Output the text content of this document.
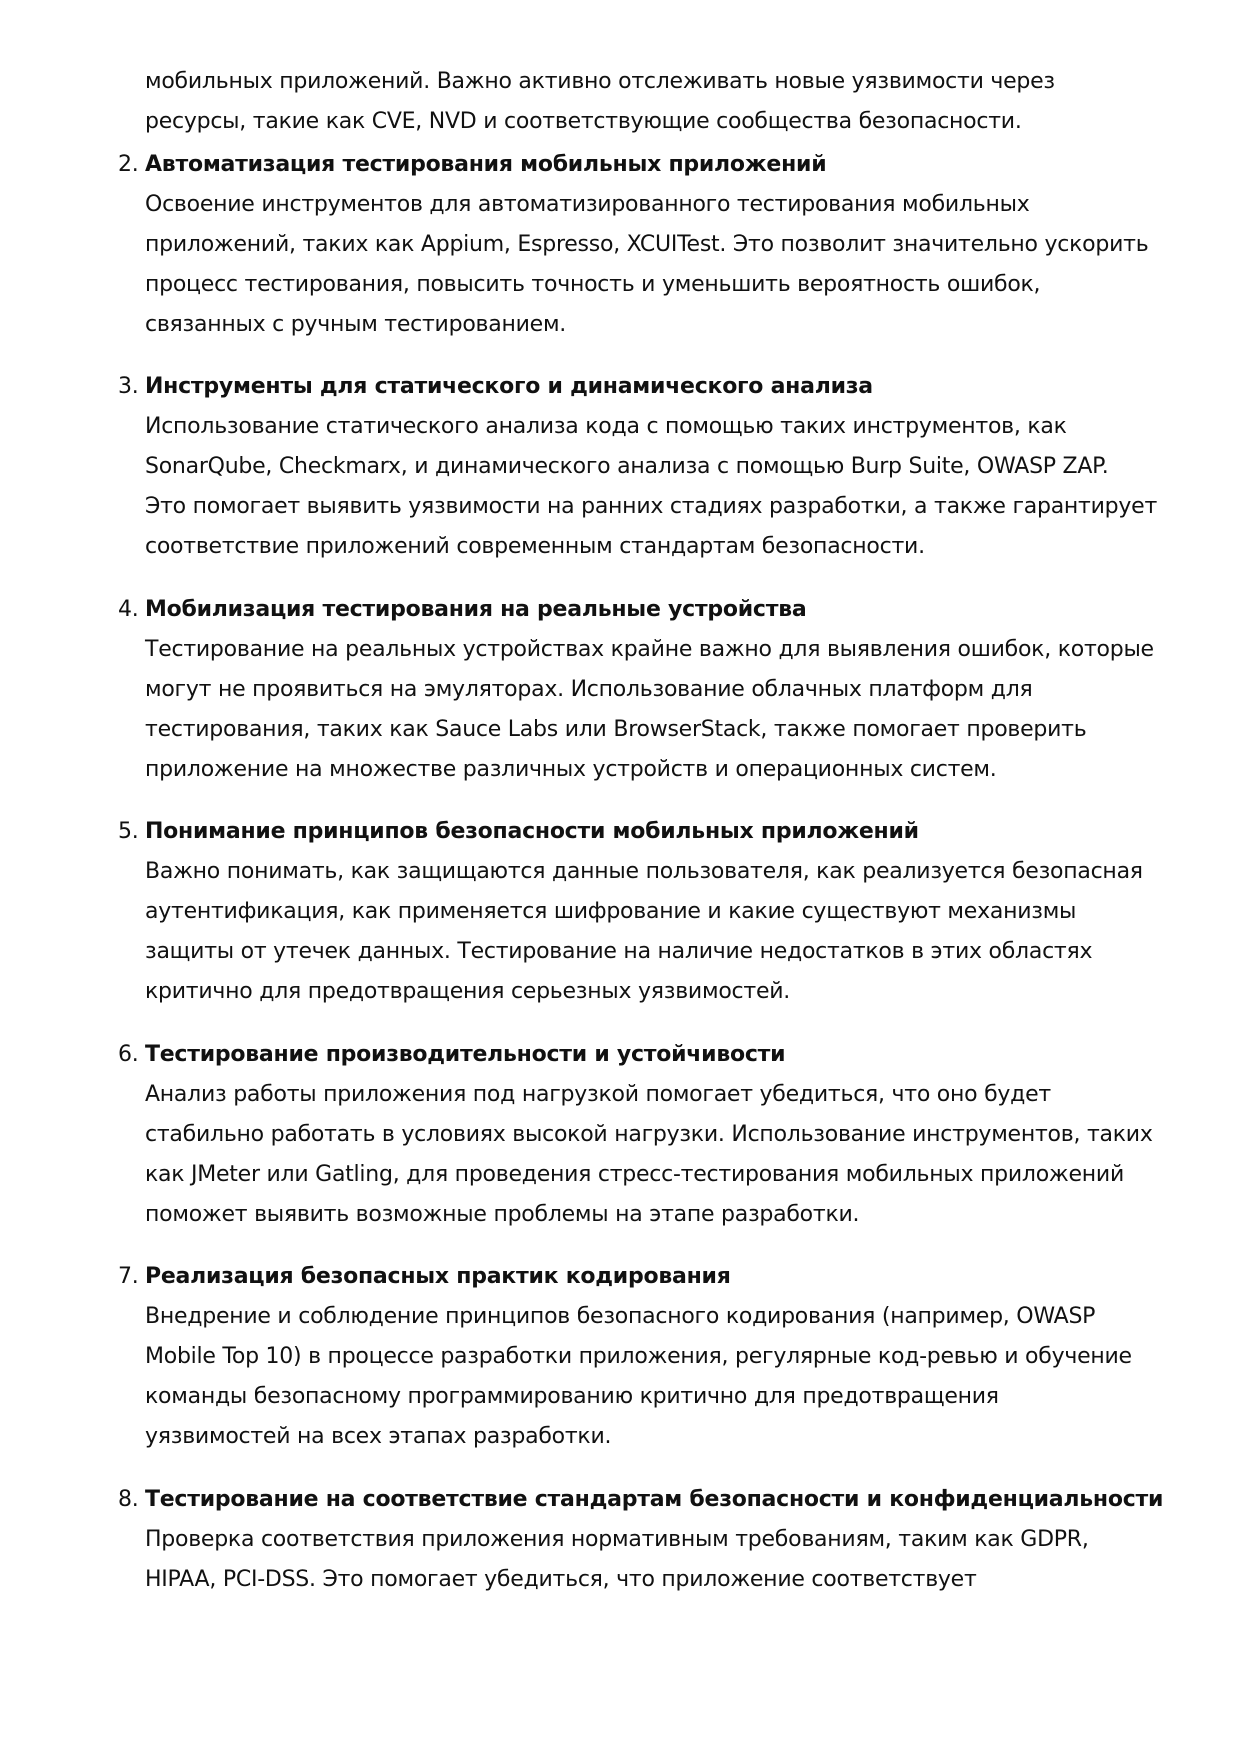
мобильных приложений. Важно активно отслеживать новые уязвимости через
ресурсы, такие как CVE, NVD и соответствующие сообщества безопасности.
2. Автоматизация тестирования мобильных приложений
Освоение инструментов для автоматизированного тестирования мобильных
приложений, таких как Appium, Espresso, XCUITest. Это позволит значительно ускорить
процесс тестирования, повысить точность и уменьшить вероятность ошибок,
связанных с ручным тестированием.
3. Инструменты для статического и динамического анализа
Использование статического анализа кода с помощью таких инструментов, как
SonarQube, Checkmarx, и динамического анализа с помощью Burp Suite, OWASP ZAP.
Это помогает выявить уязвимости на ранних стадиях разработки, а также гарантирует
соответствие приложений современным стандартам безопасности.
4. Мобилизация тестирования на реальные устройства
Тестирование на реальных устройствах крайне важно для выявления ошибок, которые
могут не проявиться на эмуляторах. Использование облачных платформ для
тестирования, таких как Sauce Labs или BrowserStack, также помогает проверить
приложение на множестве различных устройств и операционных систем.
5. Понимание принципов безопасности мобильных приложений
Важно понимать, как защищаются данные пользователя, как реализуется безопасная
аутентификация, как применяется шифрование и какие существуют механизмы
защиты от утечек данных. Тестирование на наличие недостатков в этих областях
критично для предотвращения серьезных уязвимостей.
6. Тестирование производительности и устойчивости
Анализ работы приложения под нагрузкой помогает убедиться, что оно будет
стабильно работать в условиях высокой нагрузки. Использование инструментов, таких
как JMeter или Gatling, для проведения стресс-тестирования мобильных приложений
поможет выявить возможные проблемы на этапе разработки.
7. Реализация безопасных практик кодирования
Внедрение и соблюдение принципов безопасного кодирования (например, OWASP
Mobile Top 10) в процессе разработки приложения, регулярные код-ревью и обучение
команды безопасному программированию критично для предотвращения
уязвимостей на всех этапах разработки.
8. Тестирование на соответствие стандартам безопасности и конфиденциальности
Проверка соответствия приложения нормативным требованиям, таким как GDPR,
HIPAA, PCI-DSS. Это помогает убедиться, что приложение соответствует
